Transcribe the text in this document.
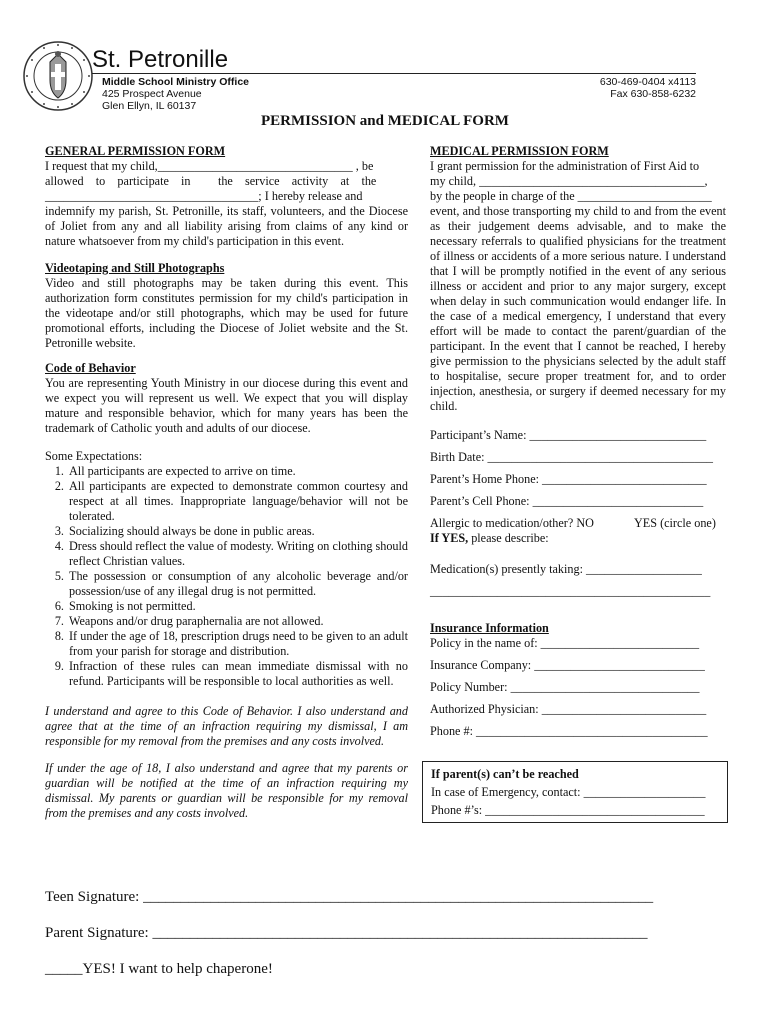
St. Petronille
Middle School Ministry Office
425 Prospect Avenue
Glen Ellyn, IL 60137
630-469-0404 x4113
Fax 630-858-6232
PERMISSION and MEDICAL FORM
GENERAL PERMISSION FORM
I request that my child,________________________________ , be
allowed    to    participate    in         the    service    activity    at    the
___________________________________; I hereby release and

indemnify my parish, St. Petronille, its staff, volunteers, and the Diocese of Joliet from any and all liability arising from claims of any kind or nature whatsoever from my child's participation in this event.

Videotaping and Still Photographs

Video and still photographs may be taken during this event. This authorization form constitutes permission for my child's participation in the videotape and/or still photographs, which may be used for future promotional efforts, including the Diocese of Joliet website and the St. Petronille website.

Code of Behavior

You are representing Youth Ministry in our diocese during this event and we expect you will represent us well. We expect that you will display mature and responsible behavior, which for many years has been the trademark of Catholic youth and adults of our diocese.

Some Expectations:
1. All participants are expected to arrive on time.
2. All participants are expected to demonstrate common courtesy and respect at all times. Inappropriate language/behavior will not be tolerated.
3. Socializing should always be done in public areas.
4. Dress should reflect the value of modesty. Writing on clothing should reflect Christian values.
5. The possession or consumption of any alcoholic beverage and/or possession/use of any illegal drug is not permitted.
6. Smoking is not permitted.
7. Weapons and/or drug paraphernalia are not allowed.
8. If under the age of 18, prescription drugs need to be given to an adult from your parish for storage and distribution.
9. Infraction of these rules can mean immediate dismissal with no refund. Participants will be responsible to local authorities as well.
I understand and agree to this Code of Behavior. I also understand and agree that at the time of an infraction requiring my dismissal, I am responsible for my removal from the premises and any costs involved.
If under the age of 18, I also understand and agree that my parents or guardian will be notified at the time of an infraction requiring my dismissal. My parents or guardian will be responsible for my removal from the premises and any costs involved.
MEDICAL PERMISSION FORM
I grant permission for the administration of First Aid to
my child, _____________________________________,
by the people in charge of the ______________________

event, and those transporting my child to and from the event as their judgement deems advisable, and to make the necessary referrals to qualified physicians for the treatment of illness or accidents of a more serious nature. I understand that I will be promptly notified in the event of any serious illness or accident and prior to any major surgery, except when delay in such communication would endanger life. In the case of a medical emergency, I understand that every effort will be made to contact the parent/guardian of the participant. In the event that I cannot be reached, I hereby give permission to the physicians selected by the adult staff to hospitalise, secure proper treatment for, and to order injection, anesthesia, or surgery if deemed necessary for my child.

Participant’s Name: _____________________________
Birth Date: _____________________________________
Parent’s Home Phone: ___________________________
Parent’s Cell Phone: ____________________________
Allergic to medication/other? NO	YES (circle one)
If YES, please describe:
Medication(s) presently taking: ___________________
______________________________________________
Insurance Information
Policy in the name of: __________________________
Insurance Company: ____________________________
Policy Number: _______________________________
Authorized Physician: ___________________________
Phone #: ______________________________________
If parent(s) can’t be reached
In case of Emergency, contact: ____________________
Phone #’s: ____________________________________
Teen Signature: ____________________________________________________________________
Parent Signature: __________________________________________________________________
_____YES! I want to help chaperone!
